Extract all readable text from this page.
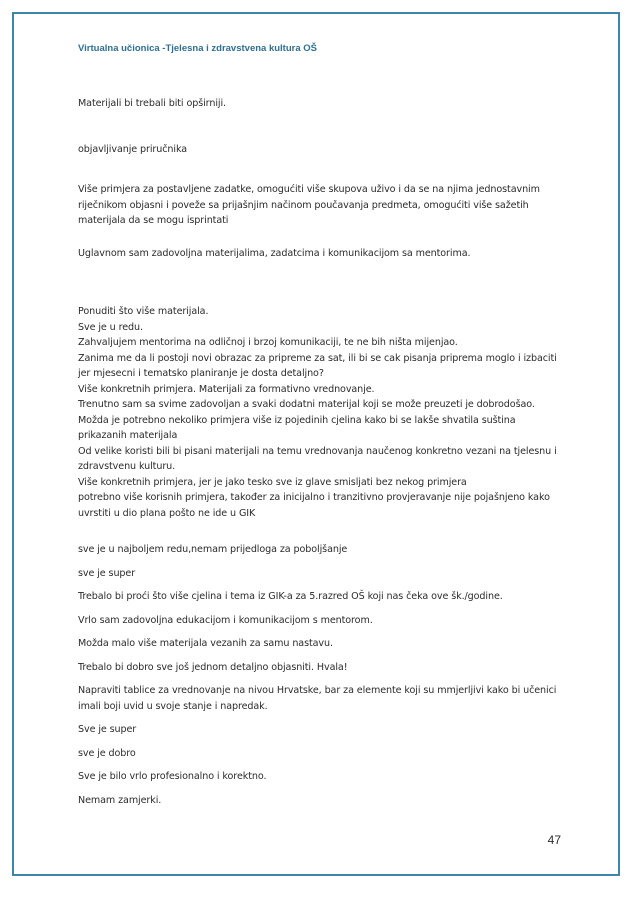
Virtualna učionica -Tjelesna i zdravstvena kultura OŠ

Materijali bi trebali biti opširniji.

objavljivanje priručnika

Više primjera za postavljene zadatke, omogućiti više skupova uživo i da se na njima jednostavnim riječnikom objasni i poveže sa prijašnjim načinom poučavanja predmeta, omogućiti više sažetih materijala da se mogu isprintati

Uglavnom sam zadovoljna materijalima, zadatcima i komunikacijom sa mentorima.

Ponuditi što više materijala.

Sve je u redu.

Zahvaljujem mentorima na odličnoj i brzoj komunikaciji, te ne bih ništa mijenjao.

Zanima me da li postoji novi obrazac za pripreme za sat, ili bi se cak pisanja priprema moglo i izbaciti jer mjesecni i tematsko planiranje je dosta detaljno?

Više konkretnih primjera. Materijali za formativno vrednovanje.

Trenutno sam sa svime zadovoljan a svaki dodatni materijal koji se može preuzeti je dobrodošao.

Možda je potrebno nekoliko primjera više iz pojedinih cjelina kako bi se lakše shvatila suština prikazanih materijala

Od velike koristi bili bi pisani materijali na temu vrednovanja naučenog konkretno vezani na tjelesnu i zdravstvenu kulturu.

Više konkretnih primjera, jer je jako tesko sve iz glave smisljati bez nekog primjera

potrebno više korisnih primjera, također za inicijalno i tranzitivno provjeravanje nije pojašnjeno kako uvrstiti u dio plana pošto ne ide u GIK

sve je u najboljem redu,nemam prijedloga za poboljšanje

sve je super

Trebalo bi proći što više cjelina i tema iz GIK-a za 5.razred OŠ koji nas čeka ove šk./godine.

Vrlo sam zadovoljna edukacijom i komunikacijom s mentorom.

Možda malo više materijala vezanih za samu nastavu.

Trebalo bi dobro sve još jednom detaljno objasniti. Hvala!

Napraviti tablice za vrednovanje na nivou Hrvatske, bar za elemente koji su mmjerljivi kako bi učenici imali boji uvid u svoje stanje i napredak.

Sve je super

sve je dobro

Sve je bilo vrlo profesionalno i korektno.

Nemam zamjerki.

47
